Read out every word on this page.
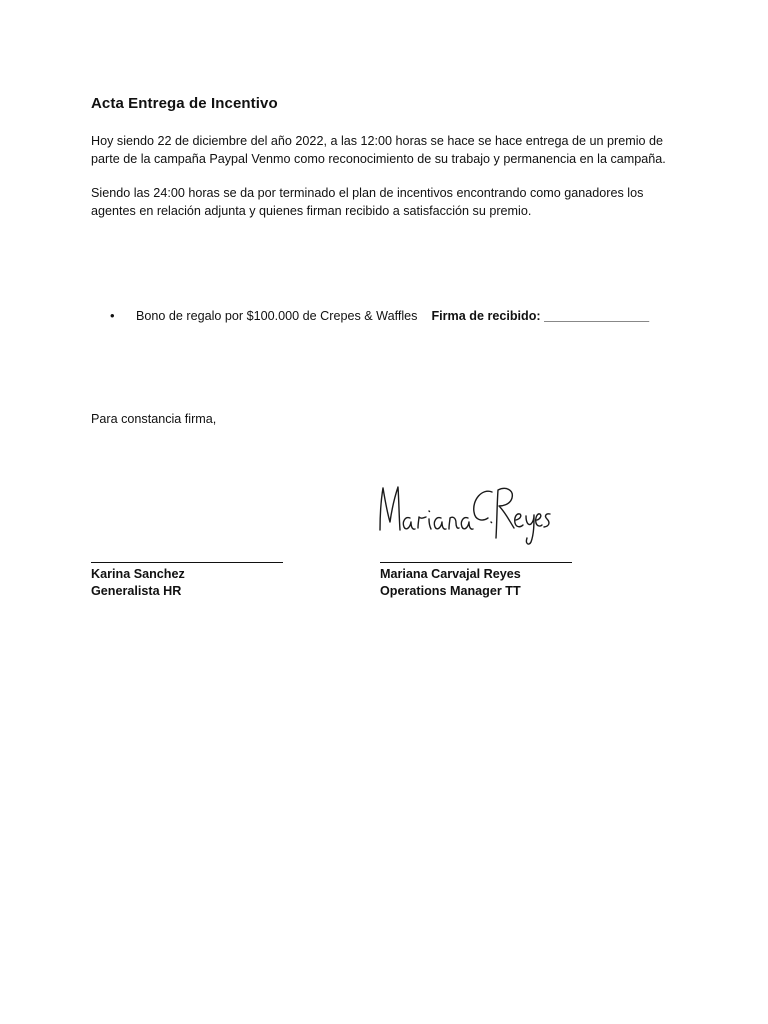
Acta Entrega de Incentivo
Hoy siendo 22 de diciembre del año 2022, a las 12:00 horas se hace se hace entrega de un premio de
parte de la campaña Paypal Venmo como reconocimiento de su trabajo y permanencia en la campaña.
Siendo las 24:00 horas se da por terminado el plan de incentivos encontrando como ganadores los
agentes en relación adjunta y quienes firman recibido a satisfacción su premio.
• Bono de regalo por $100.000 de Crepes & Waffles Firma de recibido: _______________
Para constancia firma,
Karina Sanchez
Generalista HR
Mariana Carvajal Reyes
Operations Manager TT
